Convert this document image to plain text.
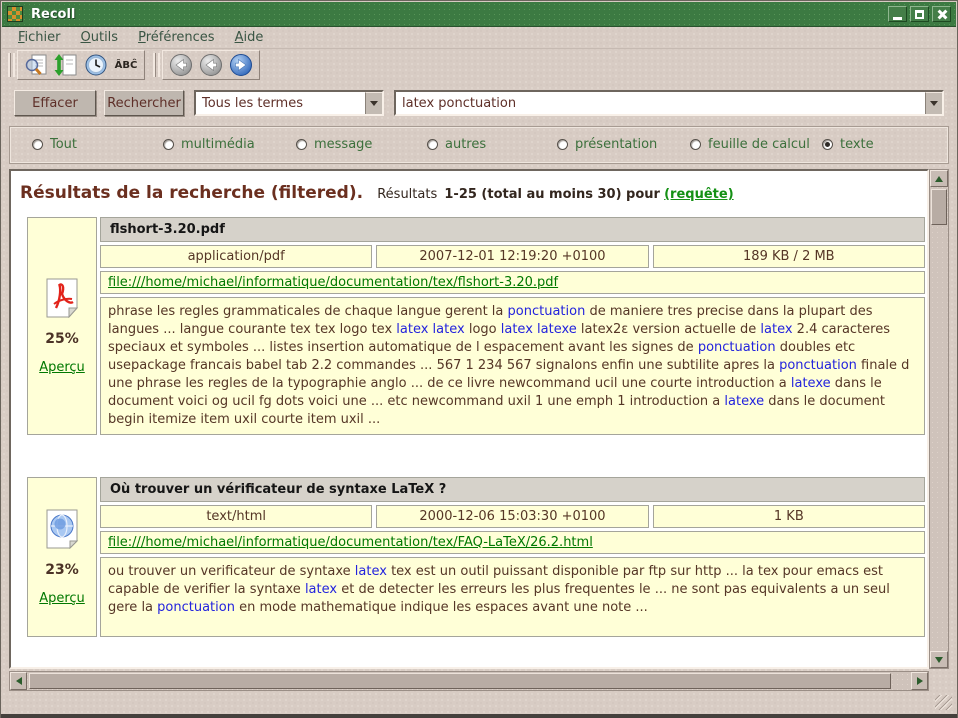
Recoll
Fichier	Outils	Préférences	Aide
ÂBĈ
Effacer	Rechercher	Tous les termes	latex ponctuation
Tout	multimédia	message	autres	présentation	feuille de calcul texte
Résultats de la recherche (filtered). Résultats 1-25 (total au moins 30) pour (requête)
25%
Aperçu
flshort-3.20.pdf
application/pdf	2007-12-01 12:19:20 +0100	189 KB / 2 MB
file:///home/michael/informatique/documentation/tex/flshort-3.20.pdf
phrase les regles grammaticales de chaque langue gerent la ponctuation de maniere tres precise dans la plupart des langues ... langue courante tex tex logo tex latex latex logo latex latexe latex2ε version actuelle de latex 2.4 caracteres speciaux et symboles ... listes insertion automatique de l espacement avant les signes de ponctuation doubles etc usepackage francais babel tab 2.2 commandes ... 567 1 234 567 signalons enfin une subtilite apres la ponctuation finale d une phrase les regles de la typographie anglo ... de ce livre newcommand ucil une courte introduction a latexe dans le document voici og ucil fg dots voici une ... etc newcommand uxil 1 une emph 1 introduction a latexe dans le document begin itemize item uxil courte item uxil ...
23%
Aperçu
Où trouver un vérificateur de syntaxe LaTeX ?
text/html	2000-12-06 15:03:30 +0100	1 KB
file:///home/michael/informatique/documentation/tex/FAQ-LaTeX/26.2.html
ou trouver un verificateur de syntaxe latex tex est un outil puissant disponible par ftp sur http ... la tex pour emacs est capable de verifier la syntaxe latex et de detecter les erreurs les plus frequentes le ... ne sont pas equivalents a un seul gere la ponctuation en mode mathematique indique les espaces avant une note ...
